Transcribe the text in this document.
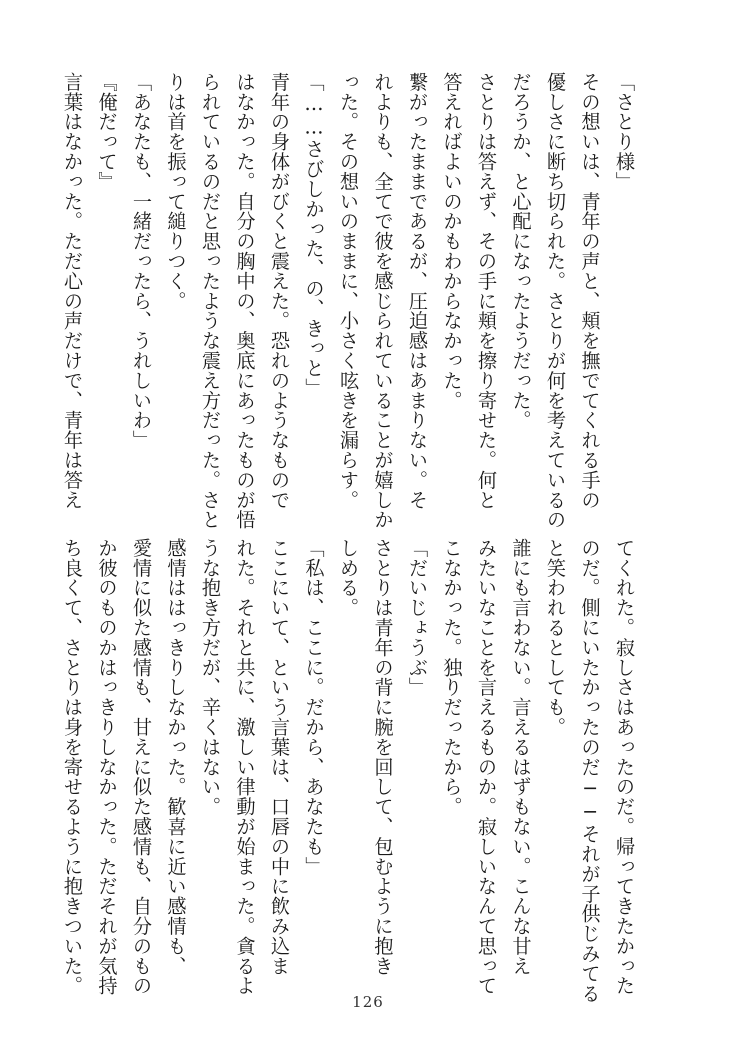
「さとり様」
その想いは、青年の声と、頬を撫でてくれる手の
優しさに断ち切られた。さとりが何を考えているの
だろうか、と心配になったようだった。
さとりは答えず、その手に頬を擦り寄せた。何と
答えればよいのかもわからなかった。
繋がったままであるが、圧迫感はあまりない。そ
れよりも、全てで彼を感じられていることが嬉しか
った。その想いのままに、小さく呟きを漏らす。
「……さびしかった、の、きっと」
青年の身体がびくと震えた。恐れのようなもので
はなかった。自分の胸中の、奥底にあったものが悟
られているのだと思ったような震え方だった。さと
りは首を振って縋りつく。
「あなたも、一緒だったら、うれしいわ」
『俺だって』
言葉はなかった。ただ心の声だけで、青年は答え
てくれた。寂しさはあったのだ。帰ってきたかった
のだ。側にいたかったのだ──それが子供じみてる
と笑われるとしても。
誰にも言わない。言えるはずもない。こんな甘え
みたいなことを言えるものか。寂しいなんて思って
こなかった。独りだったから。
「だいじょうぶ」
さとりは青年の背に腕を回して、包むように抱き
しめる。
「私は、ここに。だから、あなたも」
ここにいて、という言葉は、口唇の中に飲み込ま
れた。それと共に、激しい律動が始まった。貪るよ
うな抱き方だが、辛くはない。
感情ははっきりしなかった。歓喜に近い感情も、
愛情に似た感情も、甘えに似た感情も、自分のもの
か彼のものかはっきりしなかった。ただそれが気持
ち良くて、さとりは身を寄せるように抱きついた。
126
